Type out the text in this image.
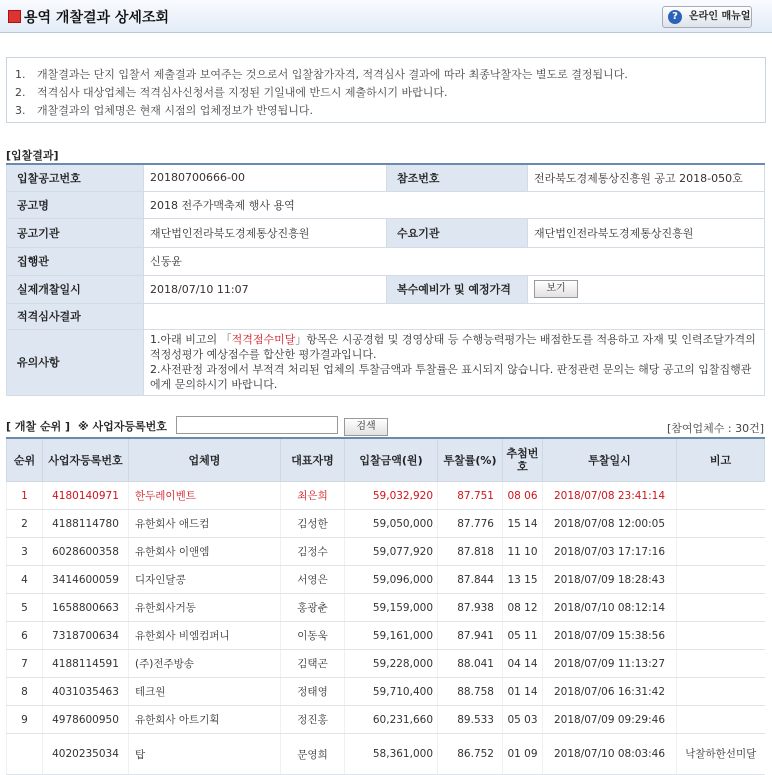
용역 개찰결과 상세조회	?	온라인 매뉴얼
1. 개찰결과는 단지 입찰서 제출결과 보여주는 것으로서 입찰참가자격, 적격심사 결과에 따라 최종낙찰자는 별도로 결정됩니다.
2. 적격심사 대상업체는 적격심사신청서를 지정된 기일내에 반드시 제출하시기 바랍니다.
3. 개찰결과의 업체명은 현재 시점의 업체정보가 반영됩니다.
[입찰결과]
입찰공고번호	20180700666-00	참조번호	전라북도경제통상진흥원 공고 2018-050호
공고명	2018 전주가맥축제 행사 용역		
공고기관	재단법인전라북도경제통상진흥원	수요기관	재단법인전라북도경제통상진흥원
집행관	신동윤		
실제개찰일시	2018/07/10 11:07	복수예비가 및 예정가격	보기
적격심사결과			
유의사항	1.아래 비고의 「적격점수미달」항목은 시공경험 및 경영상태 등 수행능력평가는 배점한도를 적용하고 자재 및 인력조달가격의적정성평가 예상점수를 합산한 평가결과입니다.
2.사전판정 과정에서 부적격 처리된 업체의 투찰금액과 투찰률은 표시되지 않습니다. 판정관련 문의는 해당 공고의 입찰집행관에게 문의하시기 바랍니다.		
[ 개찰 순위 ] ※ 사업자등록번호	검색	[참여업체수 : 30건]
순위	사업자등록번호	업체명	대표자명	입찰금액(원)	투찰률(%)	추첨번호	투찰일시	비고
1	4180140971	한두레이벤트	최은희	59,032,920	87.751	08 06	2018/07/08 23:41:14	
2	4188114780	유한회사 애드컴	김성한	59,050,000	87.776	15 14	2018/07/08 12:00:05	
3	6028600358	유한회사 이앤엠	김정수	59,077,920	87.818	11 10	2018/07/03 17:17:16	
4	3414600059	디자인달콩	서영은	59,096,000	87.844	13 15	2018/07/09 18:28:43	
5	1658800663	유한회사거동	홍광춘	59,159,000	87.938	08 12	2018/07/10 08:12:14	
6	7318700634	유한회사 비엠컴퍼니	이동욱	59,161,000	87.941	05 11	2018/07/09 15:38:56	
7	4188114591	(주)전주방송	김택곤	59,228,000	88.041	04 14	2018/07/09 11:13:27	
8	4031035463	테크원	정태영	59,710,400	88.758	01 14	2018/07/06 16:31:42	
9	4978600950	유한회사 아트기획	정진홍	60,231,660	89.533	05 03	2018/07/09 09:29:46	
	4020235034	탑	문영희	58,361,000	86.752	01 09	2018/07/10 08:03:46	낙찰하한선미달
